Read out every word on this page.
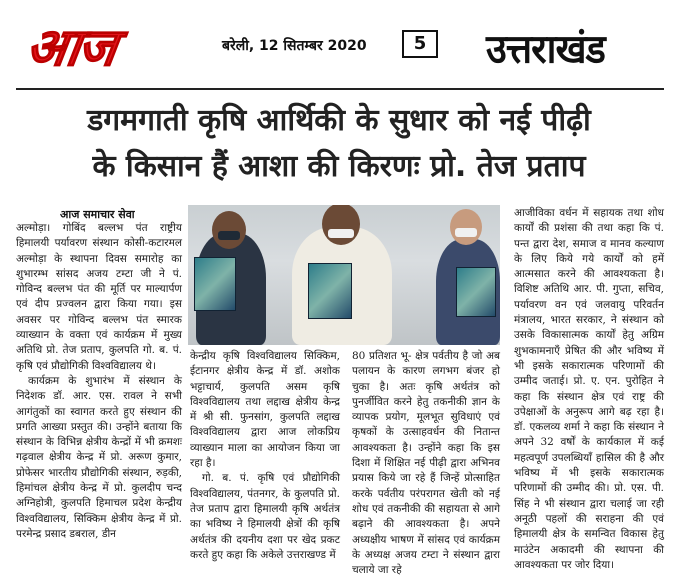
आज	बरेली, 12 सितम्बर 2020	5	उत्तराखंड
डगमगाती कृषि आर्थिकी के सुधार को नई पीढ़ी
के किसान हैं आशा की किरणः प्रो. तेज प्रताप
आज समाचार सेवा

अल्मोड़ा। गोबिंद बल्लभ पंत राष्ट्रीय हिमालयी पर्यावरण संस्थान कोसी-कटारमल अल्मोड़ा के स्थापना दिवस समारोह का शुभारम्भ सांसद अजय टम्टा जी ने पं. गोविन्द बल्लभ पंत की मूर्ति पर माल्यार्पण एवं दीप प्रज्वलन द्वारा किया गया। इस अवसर पर गोविन्द बल्लभ पंत स्मारक व्याख्यान के वक्ता एवं कार्यक्रम में मुख्य अतिथि प्रो. तेज प्रताप, कुलपति गो. ब. पं. कृषि एवं प्रौद्योगिकी विश्वविद्यालय थे।

कार्यक्रम के शुभारंभ में संस्थान के निदेशक डॉ. आर. एस. रावल ने सभी आगंतुकों का स्वागत करते हुए संस्थान की प्रगति आख्या प्रस्तुत की। उन्होंने बताया कि संस्थान के विभिन्न क्षेत्रीय केन्द्रों में भी क्रमशः गढ़वाल क्षेत्रीय केन्द्र में प्रो. अरूण कुमार, प्रोफेसर भारतीय प्रौद्योगिकी संस्थान, रुड़की, हिमांचल क्षेत्रीय केन्द्र में प्रो. कुलदीप चन्द अग्निहोत्री, कुलपति हिमाचल प्रदेश केन्द्रीय विश्वविद्यालय, सिक्किम क्षेत्रीय केन्द्र में प्रो. परमेन्द्र प्रसाद डबराल, डीन

केन्द्रीय कृषि विश्वविद्यालय सिक्किम, ईटानगर क्षेत्रीय केन्द्र में डॉ. अशोक भट्टाचार्य, कुलपति असम कृषि विश्वविद्यालय तथा लद्दाख क्षेत्रीय केन्द्र में श्री सी. फुनसांग, कुलपति लद्दाख विश्वविद्यालय द्वारा आज लोकप्रिय व्याख्यान माला का आयोजन किया जा रहा है।

गो. ब. पं. कृषि एवं प्रौद्योगिकी विश्वविद्यालय, पंतनगर, के कुलपति प्रो. तेज प्रताप द्वारा हिमालयी कृषि अर्थतंत्र का भविष्य ने हिमालयी क्षेत्रों की कृषि अर्थतंत्र की दयनीय दशा पर खेद प्रकट करते हुए कहा कि अकेले उत्तराखण्ड में

80 प्रतिशत भू- क्षेत्र पर्वतीय है जो अब पलायन के कारण लगभग बंजर हो चुका है। अतः कृषि अर्थतंत्र को पुनर्जीवित करने हेतु तकनीकी ज्ञान के व्यापक प्रयोग, मूलभूत सुविधाएं एवं कृषकों के उत्साहवर्धन की नितान्त आवश्यकता है। उन्होंने कहा कि इस दिशा में शिक्षित नई पीढ़ी द्वारा अभिनव प्रयास किये जा रहे हैं जिन्हें प्रोत्साहित करके पर्वतीय परंपरागत खेती को नई शोध एवं तकनीकी की सहायता से आगे बढ़ाने की आवश्यकता है। अपने अध्यक्षीय भाषण में सांसद एवं कार्यक्रम के अध्यक्ष अजय टम्टा ने संस्थान द्वारा चलाये जा रहे

आजीविका वर्धन में सहायक तथा शोध कार्यों की प्रशंसा की तथा कहा कि पं. पन्त द्वारा देश, समाज व मानव कल्याण के लिए किये गये कार्यों को हमें आत्मसात करने की आवश्यकता है। विशिष्ट अतिथि आर. पी. गुप्ता, सचिव, पर्यावरण वन एवं जलवायु परिवर्तन मंत्रालय, भारत सरकार, ने संस्थान को उसके विकासात्मक कार्यों हेतु अग्रिम शुभकामनाएँ प्रेषित की और भविष्य में भी इसके सकारात्मक परिणामों की उम्मीद जताई। प्रो. ए. एन. पुरोहित ने कहा कि संस्थान क्षेत्र एवं राष्ट्र की उपेक्षाओं के अनुरूप आगे बढ़ रहा है। डॉ. एकलव्य शर्मा ने कहा कि संस्थान ने अपने 32 वर्षों के कार्यकाल में कई महत्वपूर्ण उपलब्धियाँ हासिल की है और भविष्य में भी इसके सकारात्मक परिणामों की उम्मीद की। प्रो. एस. पी. सिंह ने भी संस्थान द्वारा चलाई जा रही अनूठी पहलों की सराहना की एवं हिमालयी क्षेत्र के समन्वित विकास हेतु माउंटेन अकादमी की स्थापना की आवश्यकता पर जोर दिया।
